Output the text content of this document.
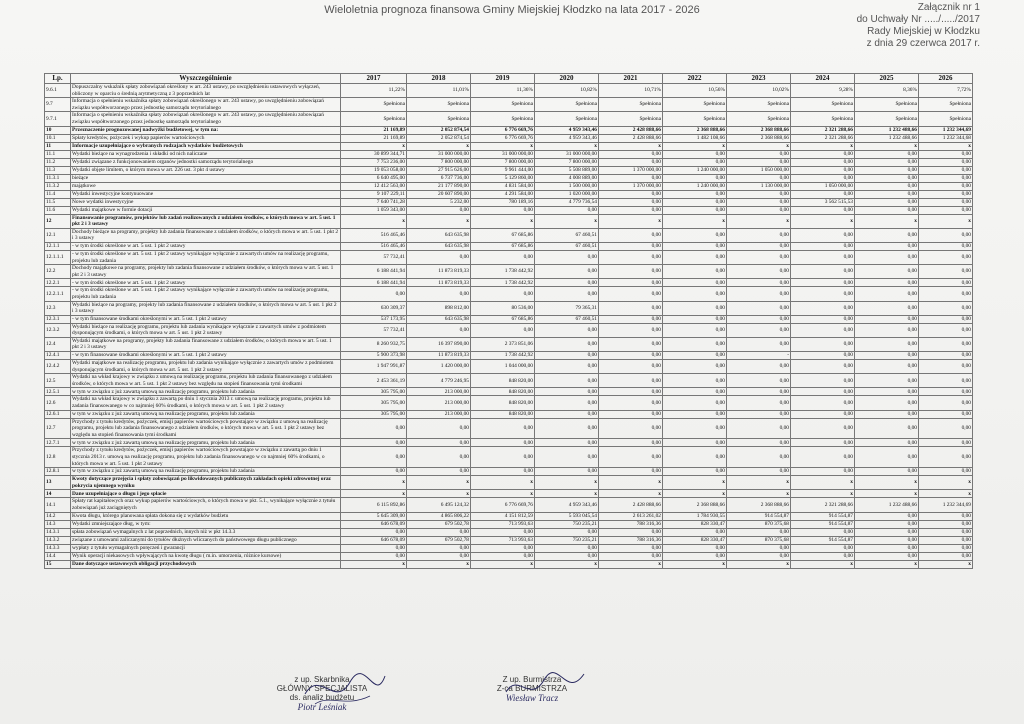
Wieloletnia prognoza finansowa Gminy Miejskiej Kłodzko na lata 2017 - 2026	Załącznik nr 1
do Uchwały Nr ...../...../2017
Rady Miejskiej w Kłodzku
z dnia 29 czerwca 2017 r.
Lp.	Wyszczególnienie	2017	2018	2019	2020	2021	2022	2023	2024	2025	2026
9.6.1	Dopuszczalny wskaźnik spłaty zobowiązań określony w art. 243 ustawy, po uwzględnieniu ustawowych wyłączeń, obliczony w oparciu o średnią arytmetyczną z 3 poprzednich lat	11,22%	11,01%	11,36%	10,82%	10,71%	10,56%	10,02%	9,28%	8,36%	7,72%
9.7	Informacja o spełnieniu wskaźnika spłaty zobowiązań określonego w art. 243 ustawy, po uwzględnieniu zobowiązań związku współtworzonego przez jednostkę samorządu terytorialnego	Spełniona	Spełniona	Spełniona	Spełniona	Spełniona	Spełniona	Spełniona	Spełniona	Spełniona	Spełniona
9.7.1	Informacja o spełnieniu wskaźnika spłaty zobowiązań określonego w art. 243 ustawy, po uwzględnieniu zobowiązań związku współtworzonego przez jednostkę samorządu terytorialnego	Spełniona	Spełniona	Spełniona	Spełniona	Spełniona	Spełniona	Spełniona	Spełniona	Spełniona	Spełniona
10	Przeznaczenie prognozowanej nadwyżki budżetowej, w tym na:	21 169,89	2 052 874,54	6 776 669,76	4 959 343,46	2 428 888,66	2 368 888,66	2 368 888,66	2 321 288,66	1 232 488,66	1 232 344,69
10.1	Spłaty kredytów, pożyczek i wykup papierów wartościowych	21 169,89	2 052 874,54	6 776 669,76	4 959 343,46	2 428 888,66	1 482 108,66	2 368 888,66	2 321 288,66	1 232 488,66	1 232 344,68
11	Informacje uzupełniające o wybranych rodzajach wydatków budżetowych	x	x	x	x	x	x	x	x	x	x
11.1	Wydatki bieżące na wynagrodzenia i składki od nich naliczane	30 899 344,71	31 000 000,00	31 000 000,00	31 000 000,00	0,00	0,00	0,00	0,00	0,00	0,00
11.2	Wydatki związane z funkcjonowaniem organów jednostki samorządu terytorialnego	7 753 236,00	7 800 000,00	7 800 000,00	7 800 000,00	0,00	0,00	0,00	0,00	0,00	0,00
11.3	Wydatki objęte limitem, o którym mowa w art. 226 ust. 3 pkt 4 ustawy	19 053 058,00	27 915 626,00	9 961 444,00	5 508 889,00	1 370 000,00	1 240 000,00	1 050 000,00	0,00	0,00	0,00
11.3.1	bieżące	6 640 495,00	6 737 736,00	5 129 860,00	4 008 889,00	0,00	0,00	0,00	0,00	0,00	0,00
11.3.2	majątkowe	12 412 563,00	21 177 890,00	4 831 584,00	1 500 000,00	1 370 000,00	1 240 000,00	1 130 000,00	1 050 000,00	0,00	0,00
11.4	Wydatki inwestycyjne kontynuowane	9 107 229,11	20 607 890,00	4 291 584,00	1 020 000,00	0,00	0,00	0,00	0,00	0,00	0,00
11.5	Nowe wydatki inwestycyjne	7 640 741,28	5 232,00	780 189,16	4 779 736,54	0,00	0,00	0,00	3 562 515,53	0,00	0,00
11.6	Wydatki majątkowe w formie dotacji	1 059 343,00	0,00	0,00	0,00	0,00	0,00	0,00	0,00	0,00	0,00
12	Finansowanie programów, projektów lub zadań realizowanych z udziałem środków, o których mowa w art. 5 ust. 1 pkt 2 i 3 ustawy	x	x	x	x	x	x	x	x	x	x
12.1	Dochody bieżące na programy, projekty lub zadania finansowane z udziałem środków, o których mowa w art. 5 ust. 1 pkt 2 i 3 ustawy	516 465,46	643 635,98	67 685,86	67 460,51	0,00	0,00	0,00	0,00	0,00	0,00
12.1.1	- w tym środki określone w art. 5 ust. 1 pkt 2 ustawy	516 465,46	643 635,98	67 685,86	67 460,51	0,00	0,00	0,00	0,00	0,00	0,00
12.1.1.1	- w tym środki określone w art. 5 ust. 1 pkt 2 ustawy wynikające wyłącznie z zawartych umów na realizację programu, projektu lub zadania	57 732,41	0,00	0,00	0,00	0,00	0,00	0,00	0,00	0,00	0,00
12.2	Dochody majątkowe na programy, projekty lub zadania finansowane z udziałem środków, o których mowa w art. 5 ust. 1 pkt 2 i 3 ustawy	6 188 441,94	11 873 819,33	1 738 442,92	0,00	0,00	0,00	0,00	0,00	0,00	0,00
12.2.1	- w tym środki określone w art. 5 ust. 1 pkt 2 ustawy	6 188 441,94	11 873 819,33	1 738 442,92	0,00	0,00	0,00	0,00	0,00	0,00	0,00
12.2.1.1	- w tym środki określone w art. 5 ust. 1 pkt 2 ustawy wynikające wyłącznie z zawartych umów na realizację programu, projektu lub zadania	0,00	0,00	0,00	0,00	0,00	0,00	0,00	0,00	0,00	0,00
12.3	Wydatki bieżące na programy, projekty lub zadania finansowane z udziałem środków, o których mowa w art. 5 ust. 1 pkt 2 i 3 ustawy	630 309,37	898 812,00	80 536,00	79 365,31	0,00	0,00	0,00	0,00	0,00	0,00
12.3.1	- w tym finansowane środkami określonymi w art. 5 ust. 1 pkt 2 ustawy	537 173,95	643 635,98	67 685,86	67 460,51	0,00	0,00	0,00	0,00	0,00	0,00
12.3.2	Wydatki bieżące na realizację programu, projektu lub zadania wynikające wyłącznie z zawartych umów z podmiotem dysponującym środkami, o których mowa w art. 5 ust. 1 pkt 2 ustawy	57 732,41	0,00	0,00	0,00	0,00	0,00	0,00	0,00	0,00	0,00
12.4	Wydatki majątkowe na programy, projekty lub zadania finansowane z udziałem środków, o których mowa w art. 5 ust. 1 pkt 2 i 3 ustawy	8 260 932,75	16 397 890,00	2 373 851,06	0,00	0,00	0,00	0,00	0,00	0,00	0,00
12.4.1	- w tym finansowane środkami określonymi w art. 5 ust. 1 pkt 2 ustawy	5 900 373,98	11 873 819,33	1 738 442,92	0,00	0,00	0,00	-	0,00	0,00	0,00
12.4.2	Wydatki majątkowe na realizację programu, projektu lub zadania wynikające wyłącznie z zawartych umów z podmiotem dysponującym środkami, o których mowa w art. 5 ust. 1 pkt 2 ustawy	1 947 991,87	1 420 000,00	1 044 000,00	0,00	0,00	0,00	0,00	0,00	0,00	0,00
12.5	Wydatki na wkład krajowy w związku z umową na realizację programu, projektu lub zadania finansowanego z udziałem środków, o których mowa w art. 5 ust. 1 pkt 2 ustawy bez względu na stopień finansowania tymi środkami	2 453 361,19	4 779 246,95	848 820,00	0,00	0,00	0,00	0,00	0,00	0,00	0,00
12.5.1	w tym w związku z już zawartą umową na realizację programu, projektu lub zadania	305 795,00	213 000,00	848 820,00	0,00	0,00	0,00	0,00	0,00	0,00	0,00
12.6	Wydatki na wkład krajowy w związku z zawartą po dniu 1 stycznia 2013 r. umową na realizację programu, projektu lub zadania finansowanego w co najmniej 60% środkami, o których mowa w art. 5 ust. 1 pkt 2 ustawy	305 795,00	213 000,00	848 820,00	0,00	0,00	0,00	0,00	0,00	0,00	0,00
12.6.1	w tym w związku z już zawartą umową na realizację programu, projektu lub zadania	305 795,00	213 000,00	848 820,00	0,00	0,00	0,00	0,00	0,00	0,00	0,00
12.7	Przychody z tytułu kredytów, pożyczek, emisji papierów wartościowych powstające w związku z umową na realizację programu, projektu lub zadania finansowanego z udziałem środków, o których mowa w art. 5 ust. 1 pkt 2 ustawy bez względu na stopień finansowania tymi środkami	0,00	0,00	0,00	0,00	0,00	0,00	0,00	0,00	0,00	0,00
12.7.1	w tym w związku z już zawartą umową na realizację programu, projektu lub zadania	0,00	0,00	0,00	0,00	0,00	0,00	0,00	0,00	0,00	0,00
12.8	Przychody z tytułu kredytów, pożyczek, emisji papierów wartościowych powstające w związku z zawartą po dniu 1 stycznia 2013 r. umową na realizację programu, projektu lub zadania finansowanego w co najmniej 60% środkami, o których mowa w art. 5 ust. 1 pkt 2 ustawy	0,00	0,00	0,00	0,00	0,00	0,00	0,00	0,00	0,00	0,00
12.8.1	w tym w związku z już zawartą umową na realizację programu, projektu lub zadania	0,00	0,00	0,00	0,00	0,00	0,00	0,00	0,00	0,00	0,00
13	Kwoty dotyczące przejęcia i spłaty zobowiązań po likwidowanych publicznych zakładach opieki zdrowotnej oraz pokrycia ujemnego wyniku	x	x	x	x	x	x	x	x	x	x
14	Dane uzupełniające o długu i jego spłacie	x	x	x	x	x	x	x	x	x	x
14.1	Spłaty rat kapitałowych oraz wykup papierów wartościowych, o których mowa w pkt. 5.1., wynikające wyłącznie z tytułu zobowiązań już zaciągniętych	6 115 892,86	6 495 124,32	6 776 669,76	4 959 343,46	2 428 888,66	2 368 888,66	2 368 888,66	2 321 288,66	1 232 488,66	1 232 344,69
14.2	Kwota długu, którego planowana spłata dokona się z wydatków budżetu	5 645 309,00	4 865 806,22	4 151 812,59	5 593 045,54	2 613 261,02	1 784 930,55	914 554,87	914 554,87	0,00	0,00
14.3	Wydatki zmniejszające dług, w tym:	646 678,09	679 502,78	713 993,63	750 235,21	788 316,36	828 330,47	870 375,68	914 554,87	0,00	0,00
14.3.1	spłata zobowiązań wymagalnych z lat poprzednich, innych niż w pkt 14.3.3	0,00	0,00	0,00	0,00	0,00	0,00	0,00	0,00	0,00	0,00
14.3.2	związane z umowami zaliczanymi do tytułów dłużnych wliczanych do państwowego długu publicznego	646 678,09	679 502,78	713 993,63	750 235,21	788 316,36	828 330,47	870 375,68	914 554,87	0,00	0,00
14.3.3	wypłaty z tytułu wymagalnych poręczeń i gwarancji	0,00	0,00	0,00	0,00	0,00	0,00	0,00	0,00	0,00	0,00
14.4	Wynik operacji niekasowych wpływających na kwotę długu ( m.in. umorzenia, różnice kursowe)	0,00	0,00	0,00	0,00	0,00	0,00	0,00	0,00	0,00	0,00
15	Dane dotyczące ustawowych obligacji przychodowych	x	x	x	x	x	x	x	x	x	x
z up. Skarbnika
GŁÓWNY SPECJALISTA
ds. analiz budżetu
Piotr Leśniak
Z up. Burmistrza
Z-ca BURMISTRZA
Wiesław Tracz
